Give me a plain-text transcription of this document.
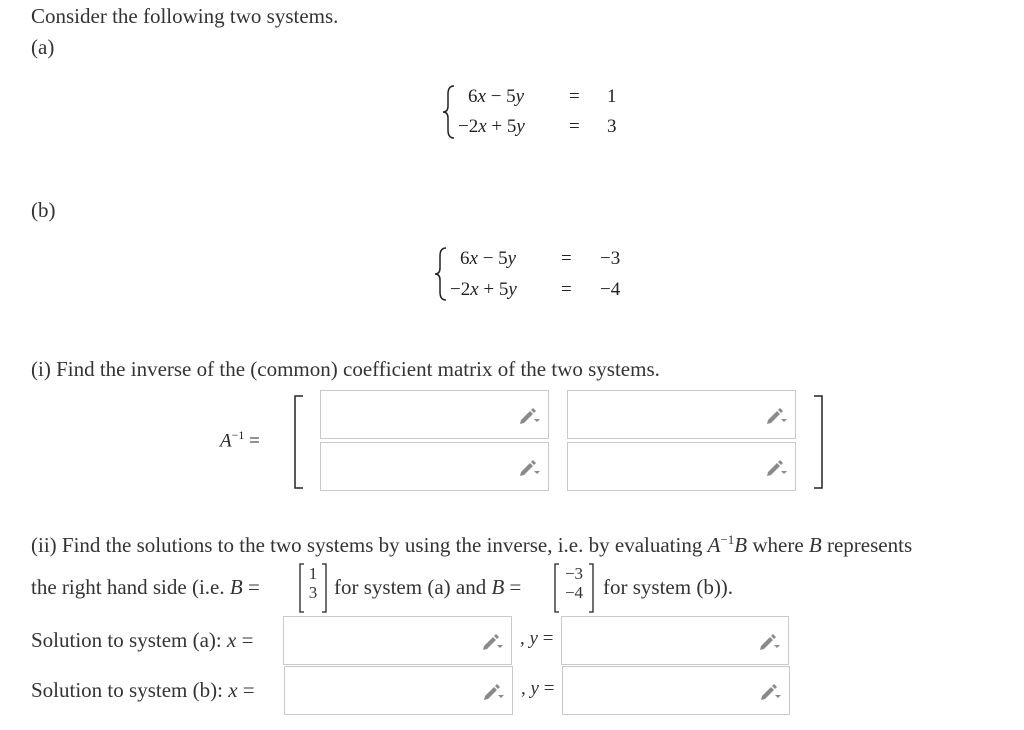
Consider the following two systems.
(a)
6x − 5y = 1
−2x + 5y = 3
(b)
6x − 5y = −3
−2x + 5y = −4
(i) Find the inverse of the (common) coefficient matrix of the two systems.
$A^{-1}$ =
(ii) Find the solutions to the two systems by using the inverse, i.e. by evaluating $A^{-1}B$ where B represents
the right hand side (i.e. B =
1
3 for system (a) and B =
−3
−4 for system (b)).
Solution to system (a): x =	, y =
Solution to system (b): x =	, y =
